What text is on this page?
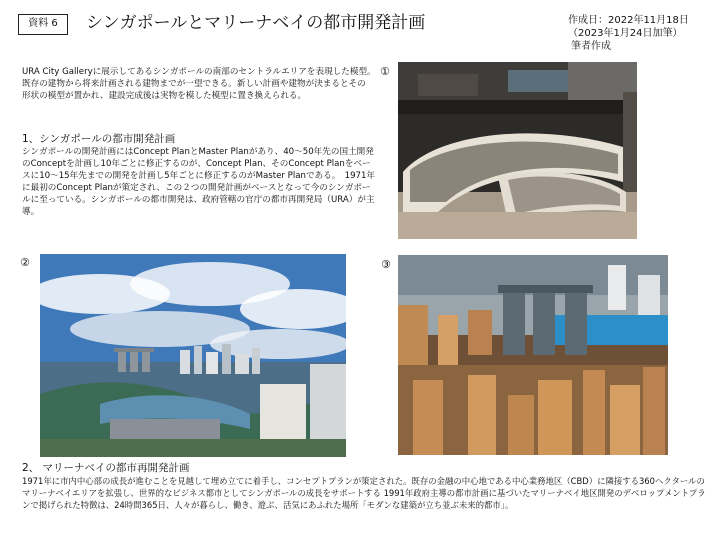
資料 6	シンガポールとマリーナベイの都市開発計画	作成日：2022年11月18日
（2023年1月24日加筆）
筆者作成
URA City Galleryに展示してあるシンガポールの南部のセントラルエリアを表現した模型。　既存の建物から将来計画される建物までが一望できる。新しい計画や建物が決まるとその形状の模型が置かれ、建設完成後は実物を模した模型に置き換えられる。
1、シンガポールの都市開発計画
シンガポールの開発計画にはConcept PlanとMaster Planがあり、40～50年先の国土開発のConceptを計画し10年ごとに修正するのが、Concept Plan、そのConcept Planをベースに10～15年先までの開発を計画し5年ごとに修正するのがMaster Planである。　1971年に最初のConcept Planが策定され、この２つの開発計画がベースとなって今のシンガポールに至っている。シンガポールの都市開発は、政府管轄の官庁の都市再開発局（URA）が主導。
①
②	③
2、 マリーナベイの都市再開発計画
1971年に市内中心部の成長が進むことを見越して埋め立てに着手し、コンセプトプランが策定された。既存の金融の中心地である中心業務地区（CBD）に隣接する360ヘクタールのマリーナベイエリアを拡張し、世界的なビジネス都市としてシンガポールの成長をサポートする 1991年政府主導の都市計画に基づいたマリーナベイ地区開発のデベロップメントプランで掲げられた特徴は、24時間365日、人々が暮らし、働き、遊ぶ、活気にあふれた場所「モダンな建築が立ち並ぶ未来的都市」。
